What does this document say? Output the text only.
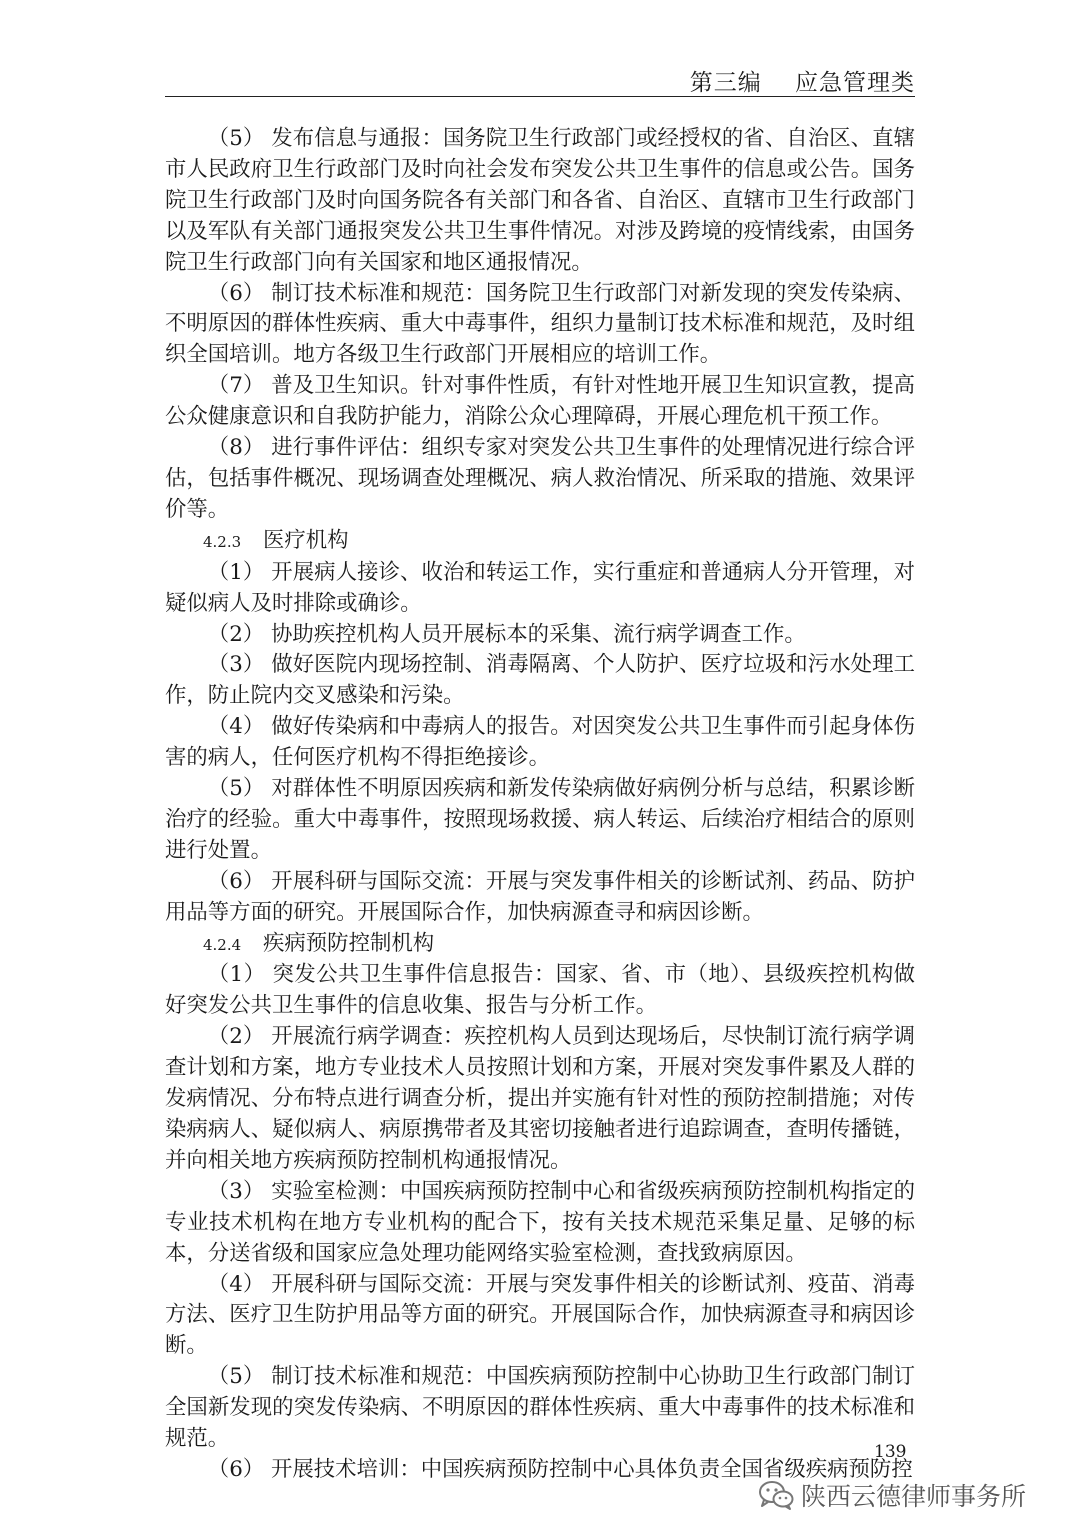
第三编    应急管理类

（5） 发布信息与通报：国务院卫生行政部门或经授权的省、自治区、直辖市人民政府卫生行政部门及时向社会发布突发公共卫生事件的信息或公告。国务院卫生行政部门及时向国务院各有关部门和各省、自治区、直辖市卫生行政部门以及军队有关部门通报突发公共卫生事件情况。对涉及跨境的疫情线索，由国务院卫生行政部门向有关国家和地区通报情况。

（6） 制订技术标准和规范：国务院卫生行政部门对新发现的突发传染病、不明原因的群体性疾病、重大中毒事件，组织力量制订技术标准和规范，及时组织全国培训。地方各级卫生行政部门开展相应的培训工作。

（7） 普及卫生知识。针对事件性质，有针对性地开展卫生知识宣教，提高公众健康意识和自我防护能力，消除公众心理障碍，开展心理危机干预工作。

（8） 进行事件评估：组织专家对突发公共卫生事件的处理情况进行综合评估，包括事件概况、现场调查处理概况、病人救治情况、所采取的措施、效果评价等。

4.2.3 医疗机构

（1） 开展病人接诊、收治和转运工作，实行重症和普通病人分开管理，对疑似病人及时排除或确诊。

（2） 协助疾控机构人员开展标本的采集、流行病学调查工作。

（3） 做好医院内现场控制、消毒隔离、个人防护、医疗垃圾和污水处理工作，防止院内交叉感染和污染。

（4） 做好传染病和中毒病人的报告。对因突发公共卫生事件而引起身体伤害的病人，任何医疗机构不得拒绝接诊。

（5） 对群体性不明原因疾病和新发传染病做好病例分析与总结，积累诊断治疗的经验。重大中毒事件，按照现场救援、病人转运、后续治疗相结合的原则进行处置。

（6） 开展科研与国际交流：开展与突发事件相关的诊断试剂、药品、防护用品等方面的研究。开展国际合作，加快病源查寻和病因诊断。

4.2.4 疾病预防控制机构

（1） 突发公共卫生事件信息报告：国家、省、市（地）、县级疾控机构做好突发公共卫生事件的信息收集、报告与分析工作。

（2） 开展流行病学调查：疾控机构人员到达现场后，尽快制订流行病学调查计划和方案，地方专业技术人员按照计划和方案，开展对突发事件累及人群的发病情况、分布特点进行调查分析，提出并实施有针对性的预防控制措施；对传染病病人、疑似病人、病原携带者及其密切接触者进行追踪调查，查明传播链，并向相关地方疾病预防控制机构通报情况。

（3） 实验室检测：中国疾病预防控制中心和省级疾病预防控制机构指定的专业技术机构在地方专业机构的配合下，按有关技术规范采集足量、足够的标本，分送省级和国家应急处理功能网络实验室检测，查找致病原因。

（4） 开展科研与国际交流：开展与突发事件相关的诊断试剂、疫苗、消毒方法、医疗卫生防护用品等方面的研究。开展国际合作，加快病源查寻和病因诊断。

（5） 制订技术标准和规范：中国疾病预防控制中心协助卫生行政部门制订全国新发现的突发传染病、不明原因的群体性疾病、重大中毒事件的技术标准和规范。

（6） 开展技术培训：中国疾病预防控制中心具体负责全国省级疾病预防控

139
陕西云德律师事务所
